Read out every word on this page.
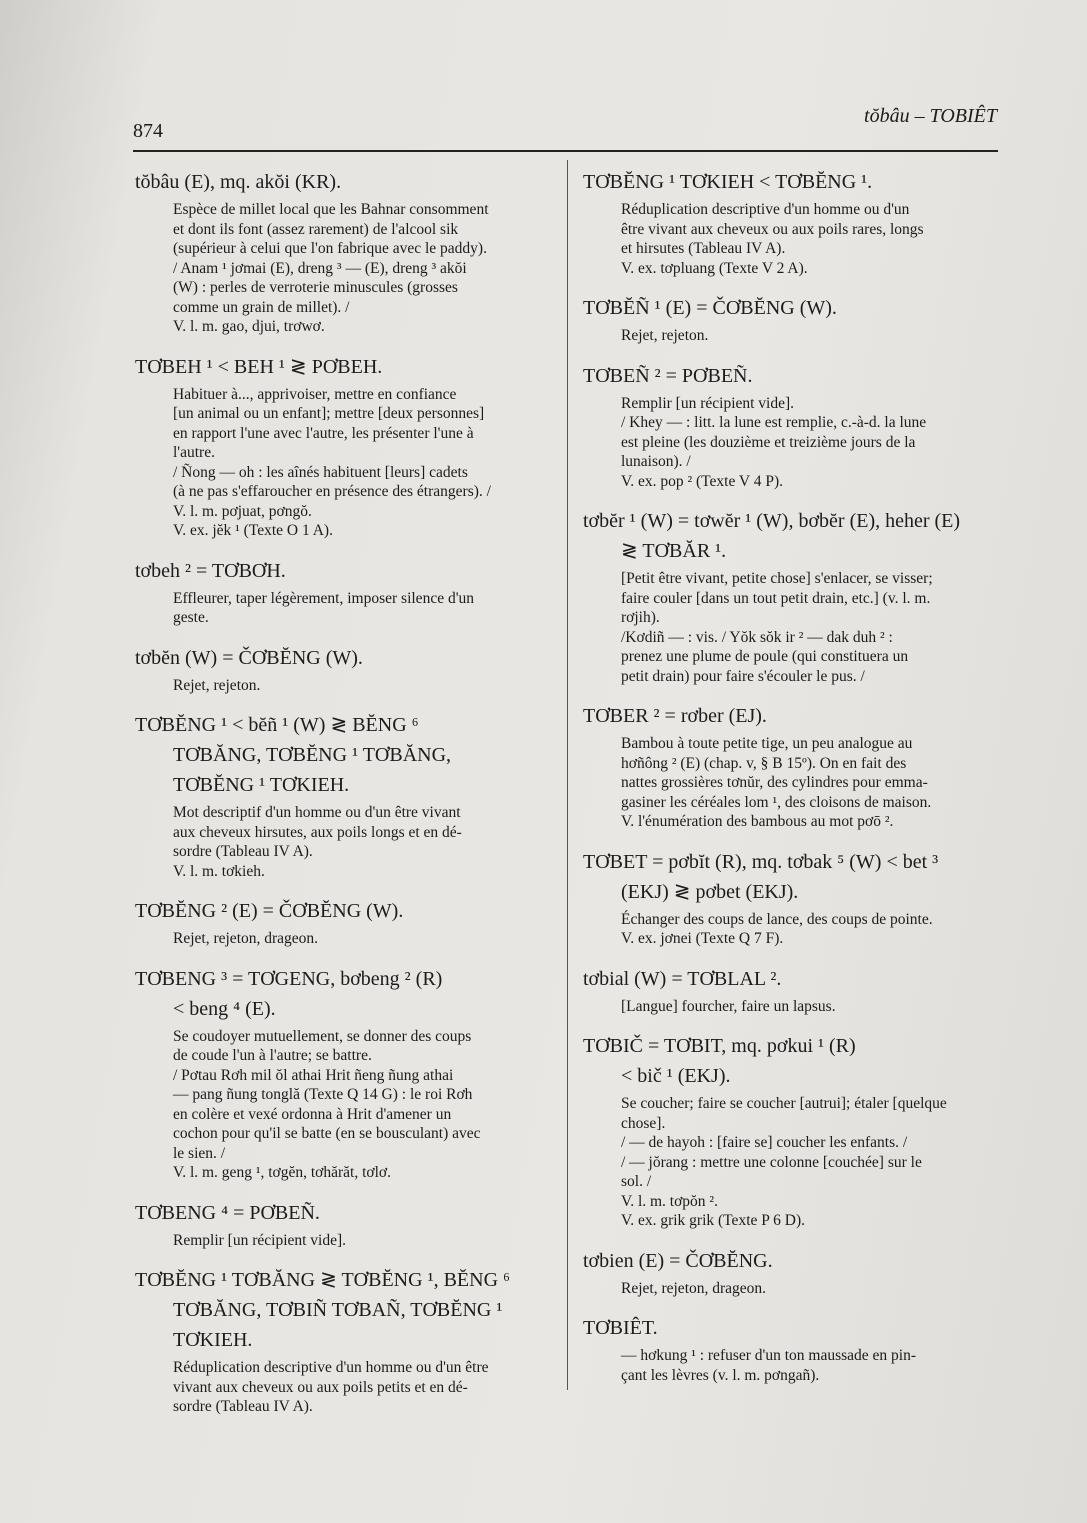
874
tŏbâu – TOBIÊT
tŏbâu (E), mq. akŏi (KR).
Espèce de millet local que les Bahnar consomment
et dont ils font (assez rarement) de l'alcool sik
(supérieur à celui que l'on fabrique avec le paddy).
/ Anam ¹ jơmai (E), dreng ³ — (E), dreng ³ akŏi
(W) : perles de verroterie minuscules (grosses
comme un grain de millet). /
V. l. m. gao, djui, trơwơ.
TƠBEH ¹ < BEH ¹ ≷ PƠBEH.
Habituer à..., apprivoiser, mettre en confiance
[un animal ou un enfant]; mettre [deux personnes]
en rapport l'une avec l'autre, les présenter l'une à
l'autre.
/ Ñong — oh : les aînés habituent [leurs] cadets
(à ne pas s'effaroucher en présence des étrangers). /
V. l. m. pơjuat, pơngŏ.
V. ex. jĕk ¹ (Texte O 1 A).
tơbeh ² = TƠBƠH.
Effleurer, taper légèrement, imposer silence d'un
geste.
tơbĕn (W) = ČƠBĔNG (W).
Rejet, rejeton.
TƠBĔNG ¹ < bĕñ ¹ (W) ≷ BĔNG ⁶
TƠBĂNG, TƠBĔNG ¹ TƠBĂNG,
TƠBĔNG ¹ TƠKIEH.
Mot descriptif d'un homme ou d'un être vivant
aux cheveux hirsutes, aux poils longs et en dé-
sordre (Tableau IV A).
V. l. m. tơkieh.
TƠBĔNG ² (E) = ČƠBĔNG (W).
Rejet, rejeton, drageon.
TƠBENG ³ = TƠGENG, bơbeng ² (R)
< beng ⁴ (E).
Se coudoyer mutuellement, se donner des coups
de coude l'un à l'autre; se battre.
/ Pơtau Rơh mil ŏl athai Hrit ñeng ñung athai
— pang ñung tonglă (Texte Q 14 G) : le roi Rơh
en colère et vexé ordonna à Hrit d'amener un
cochon pour qu'il se batte (en se bousculant) avec
le sien. /
V. l. m. geng ¹, tơgĕn, tơhărăt, tơlơ.
TƠBENG ⁴ = PƠBEÑ.
Remplir [un récipient vide].
TƠBĔNG ¹ TƠBĂNG ≷ TƠBĔNG ¹, BĔNG ⁶
TƠBĂNG, TƠBIÑ TƠBAÑ, TƠBĔNG ¹
TƠKIEH.
Réduplication descriptive d'un homme ou d'un être
vivant aux cheveux ou aux poils petits et en dé-
sordre (Tableau IV A).
TƠBĔNG ¹ TƠKIEH < TƠBĔNG ¹.
Réduplication descriptive d'un homme ou d'un
être vivant aux cheveux ou aux poils rares, longs
et hirsutes (Tableau IV A).
V. ex. tơpluang (Texte V 2 A).
TƠBĔÑ ¹ (E) = ČƠBĔNG (W).
Rejet, rejeton.
TƠBEÑ ² = PƠBEÑ.
Remplir [un récipient vide].
/ Khey — : litt. la lune est remplie, c.-à-d. la lune
est pleine (les douzième et treizième jours de la
lunaison). /
V. ex. pop ² (Texte V 4 P).
tơbĕr ¹ (W) = tơwĕr ¹ (W), bơbĕr (E), heher (E)
≷ TƠBĂR ¹.
[Petit être vivant, petite chose] s'enlacer, se visser;
faire couler [dans un tout petit drain, etc.] (v. l. m.
rơjih).
/Kơdiñ — : vis. / Yŏk sŏk ir ² — dak duh ² :
prenez une plume de poule (qui constituera un
petit drain) pour faire s'écouler le pus. /
TƠBER ² = rơber (EJ).
Bambou à toute petite tige, un peu analogue au
hơñông ² (E) (chap. v, § B 15º). On en fait des
nattes grossières tơnŭr, des cylindres pour emma-
gasiner les céréales lom ¹, des cloisons de maison.
V. l'énumération des bambous au mot pơō ².
TƠBET = pơbĭt (R), mq. tơbak ⁵ (W) < bet ³
(EKJ) ≷ pơbet (EKJ).
Échanger des coups de lance, des coups de pointe.
V. ex. jơnei (Texte Q 7 F).
tơbial (W) = TƠBLAL ².
[Langue] fourcher, faire un lapsus.
TƠBIČ = TƠBIT, mq. pơkui ¹ (R)
< bič ¹ (EKJ).
Se coucher; faire se coucher [autrui]; étaler [quelque
chose].
/ — de hayoh : [faire se] coucher les enfants. /
/ — jŏrang : mettre une colonne [couchée] sur le
sol. /
V. l. m. tơpŏn ².
V. ex. grik grik (Texte P 6 D).
tơbien (E) = ČƠBĔNG.
Rejet, rejeton, drageon.
TƠBIÊT.
— hơkung ¹ : refuser d'un ton maussade en pin-
çant les lèvres (v. l. m. pơngañ).
